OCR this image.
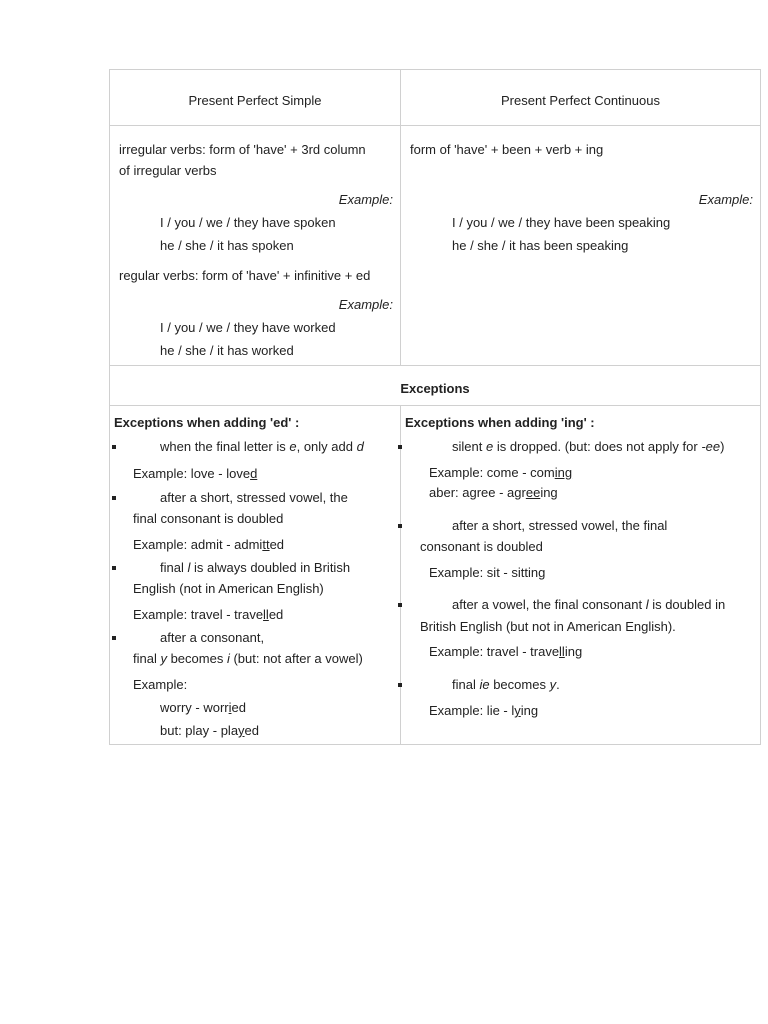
Present Perfect Simple	Present Perfect Continuous
irregular verbs: form of 'have' + 3rd column
of irregular verbs
Example:
I / you / we / they have spoken
he / she / it has spoken
regular verbs: form of 'have' + infinitive + ed
Example:
I / you / we / they have worked
he / she / it has worked
form of 'have' + been + verb + ing
Example:
I / you / we / they have been speaking
he / she / it has been speaking
Exceptions
Exceptions when adding 'ed' :
when the final letter is e, only add d
Example: love - loved
after a short, stressed vowel, the
final consonant is doubled
Example: admit - admitted
final l is always doubled in British
English (not in American English)
Example: travel - travelled
after a consonant,
final y becomes i (but: not after a vowel)
Example:
worry - worried
but: play - played
Exceptions when adding 'ing' :
silent e is dropped. (but: does not apply for -ee)
Example: come - coming
aber: agree - agreeing
after a short, stressed vowel, the final
consonant is doubled
Example: sit - sitting
after a vowel, the final consonant l is doubled in
British English (but not in American English).
Example: travel - travelling
final ie becomes y.
Example: lie - lying
